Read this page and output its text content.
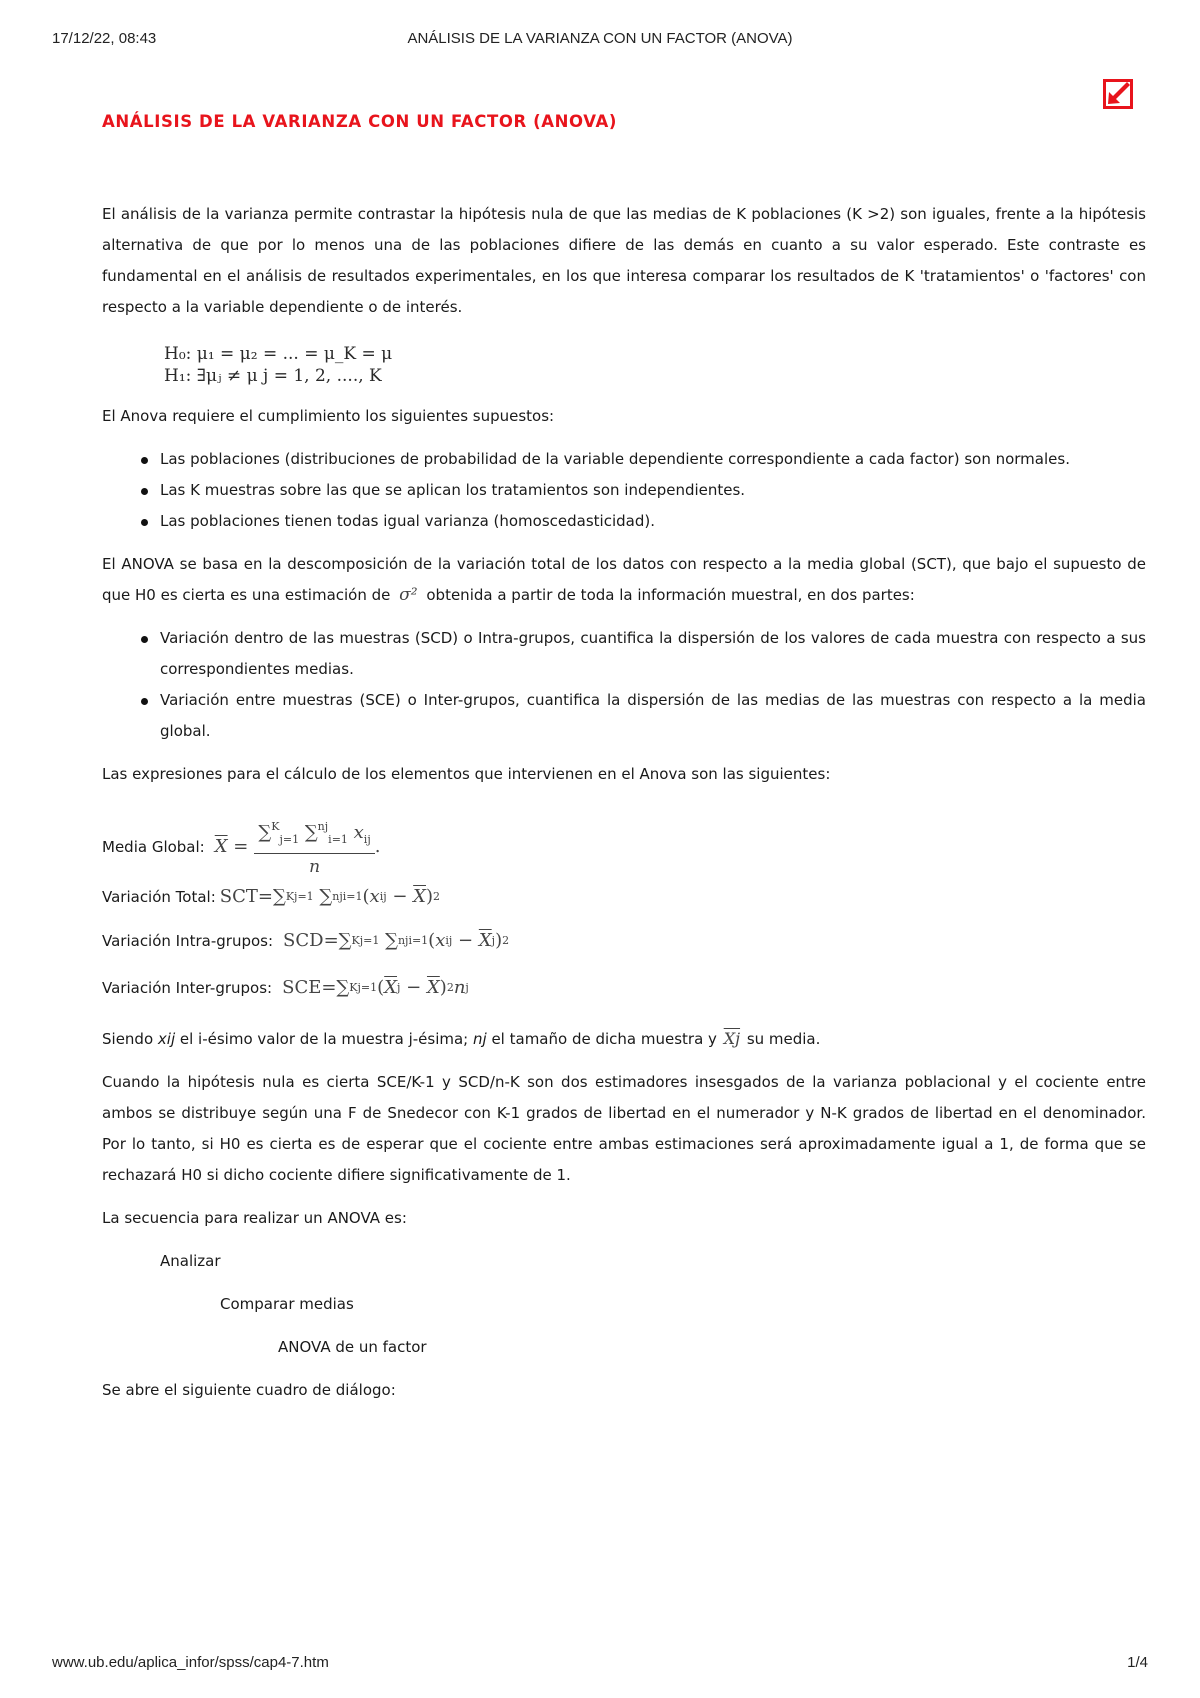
17/12/22, 08:43	ANÁLISIS DE LA VARIANZA CON UN FACTOR (ANOVA)
ANÁLISIS DE LA VARIANZA CON UN FACTOR (ANOVA)

El análisis de la varianza permite contrastar la hipótesis nula de que las medias de K poblaciones (K >2) son iguales, frente a la hipótesis alternativa de que por lo menos una de las poblaciones difiere de las demás en cuanto a su valor esperado. Este contraste es fundamental en el análisis de resultados experimentales, en los que interesa comparar los resultados de K 'tratamientos' o 'factores' con respecto a la variable dependiente o de interés.

H₀: μ₁ = μ₂ = ... = μ_K = μ
H₁: ∃μⱼ ≠ μ j = 1, 2, ...., K

El Anova requiere el cumplimiento los siguientes supuestos:

Las poblaciones (distribuciones de probabilidad de la variable dependiente correspondiente a cada factor) son normales.
Las K muestras sobre las que se aplican los tratamientos son independientes.
Las poblaciones tienen todas igual varianza (homoscedasticidad).

El ANOVA se basa en la descomposición de la variación total de los datos con respecto a la media global (SCT), que bajo el supuesto de que H0 es cierta es una estimación de σ² obtenida a partir de toda la información muestral, en dos partes:

Variación dentro de las muestras (SCD) o Intra-grupos, cuantifica la dispersión de los valores de cada muestra con respecto a sus correspondientes medias.
Variación entre muestras (SCE) o Inter-grupos, cuantifica la dispersión de las medias de las muestras con respecto a la media global.

Las expresiones para el cálculo de los elementos que intervienen en el Anova son las siguientes:

Media Global: $\overline{X} = \frac{\sum^K_{j=1} \sum^{nj}_{i=1} x_{ij}}{n}$ .
Variación Total: SCT=∑ K j=1 ∑ nj i=1 ( x ij − $\overline{X}$ ) 2
Variación Intra-grupos: SCD=∑ K j=1 ∑ nj i=1 ( x ij − $\overline{X}$ j ) 2
Variación Inter-grupos: SCE=∑ K j=1 ( $\overline{X}$ $j - \overline{X}$ ) 2 n j

Siendo xij el i-ésimo valor de la muestra j-ésima; nj el tamaño de dicha muestra y $\overline{Xj}$ su media.

Cuando la hipótesis nula es cierta SCE/K-1 y SCD/n-K son dos estimadores insesgados de la varianza poblacional y el cociente entre ambos se distribuye según una F de Snedecor con K-1 grados de libertad en el numerador y N-K grados de libertad en el denominador. Por lo tanto, si H0 es cierta es de esperar que el cociente entre ambas estimaciones será aproximadamente igual a 1, de forma que se rechazará H0 si dicho cociente difiere significativamente de 1.

La secuencia para realizar un ANOVA es:

Analizar

Comparar medias

ANOVA de un factor

Se abre el siguiente cuadro de diálogo:

www.ub.edu/aplica_infor/spss/cap4-7.htm	1/4
